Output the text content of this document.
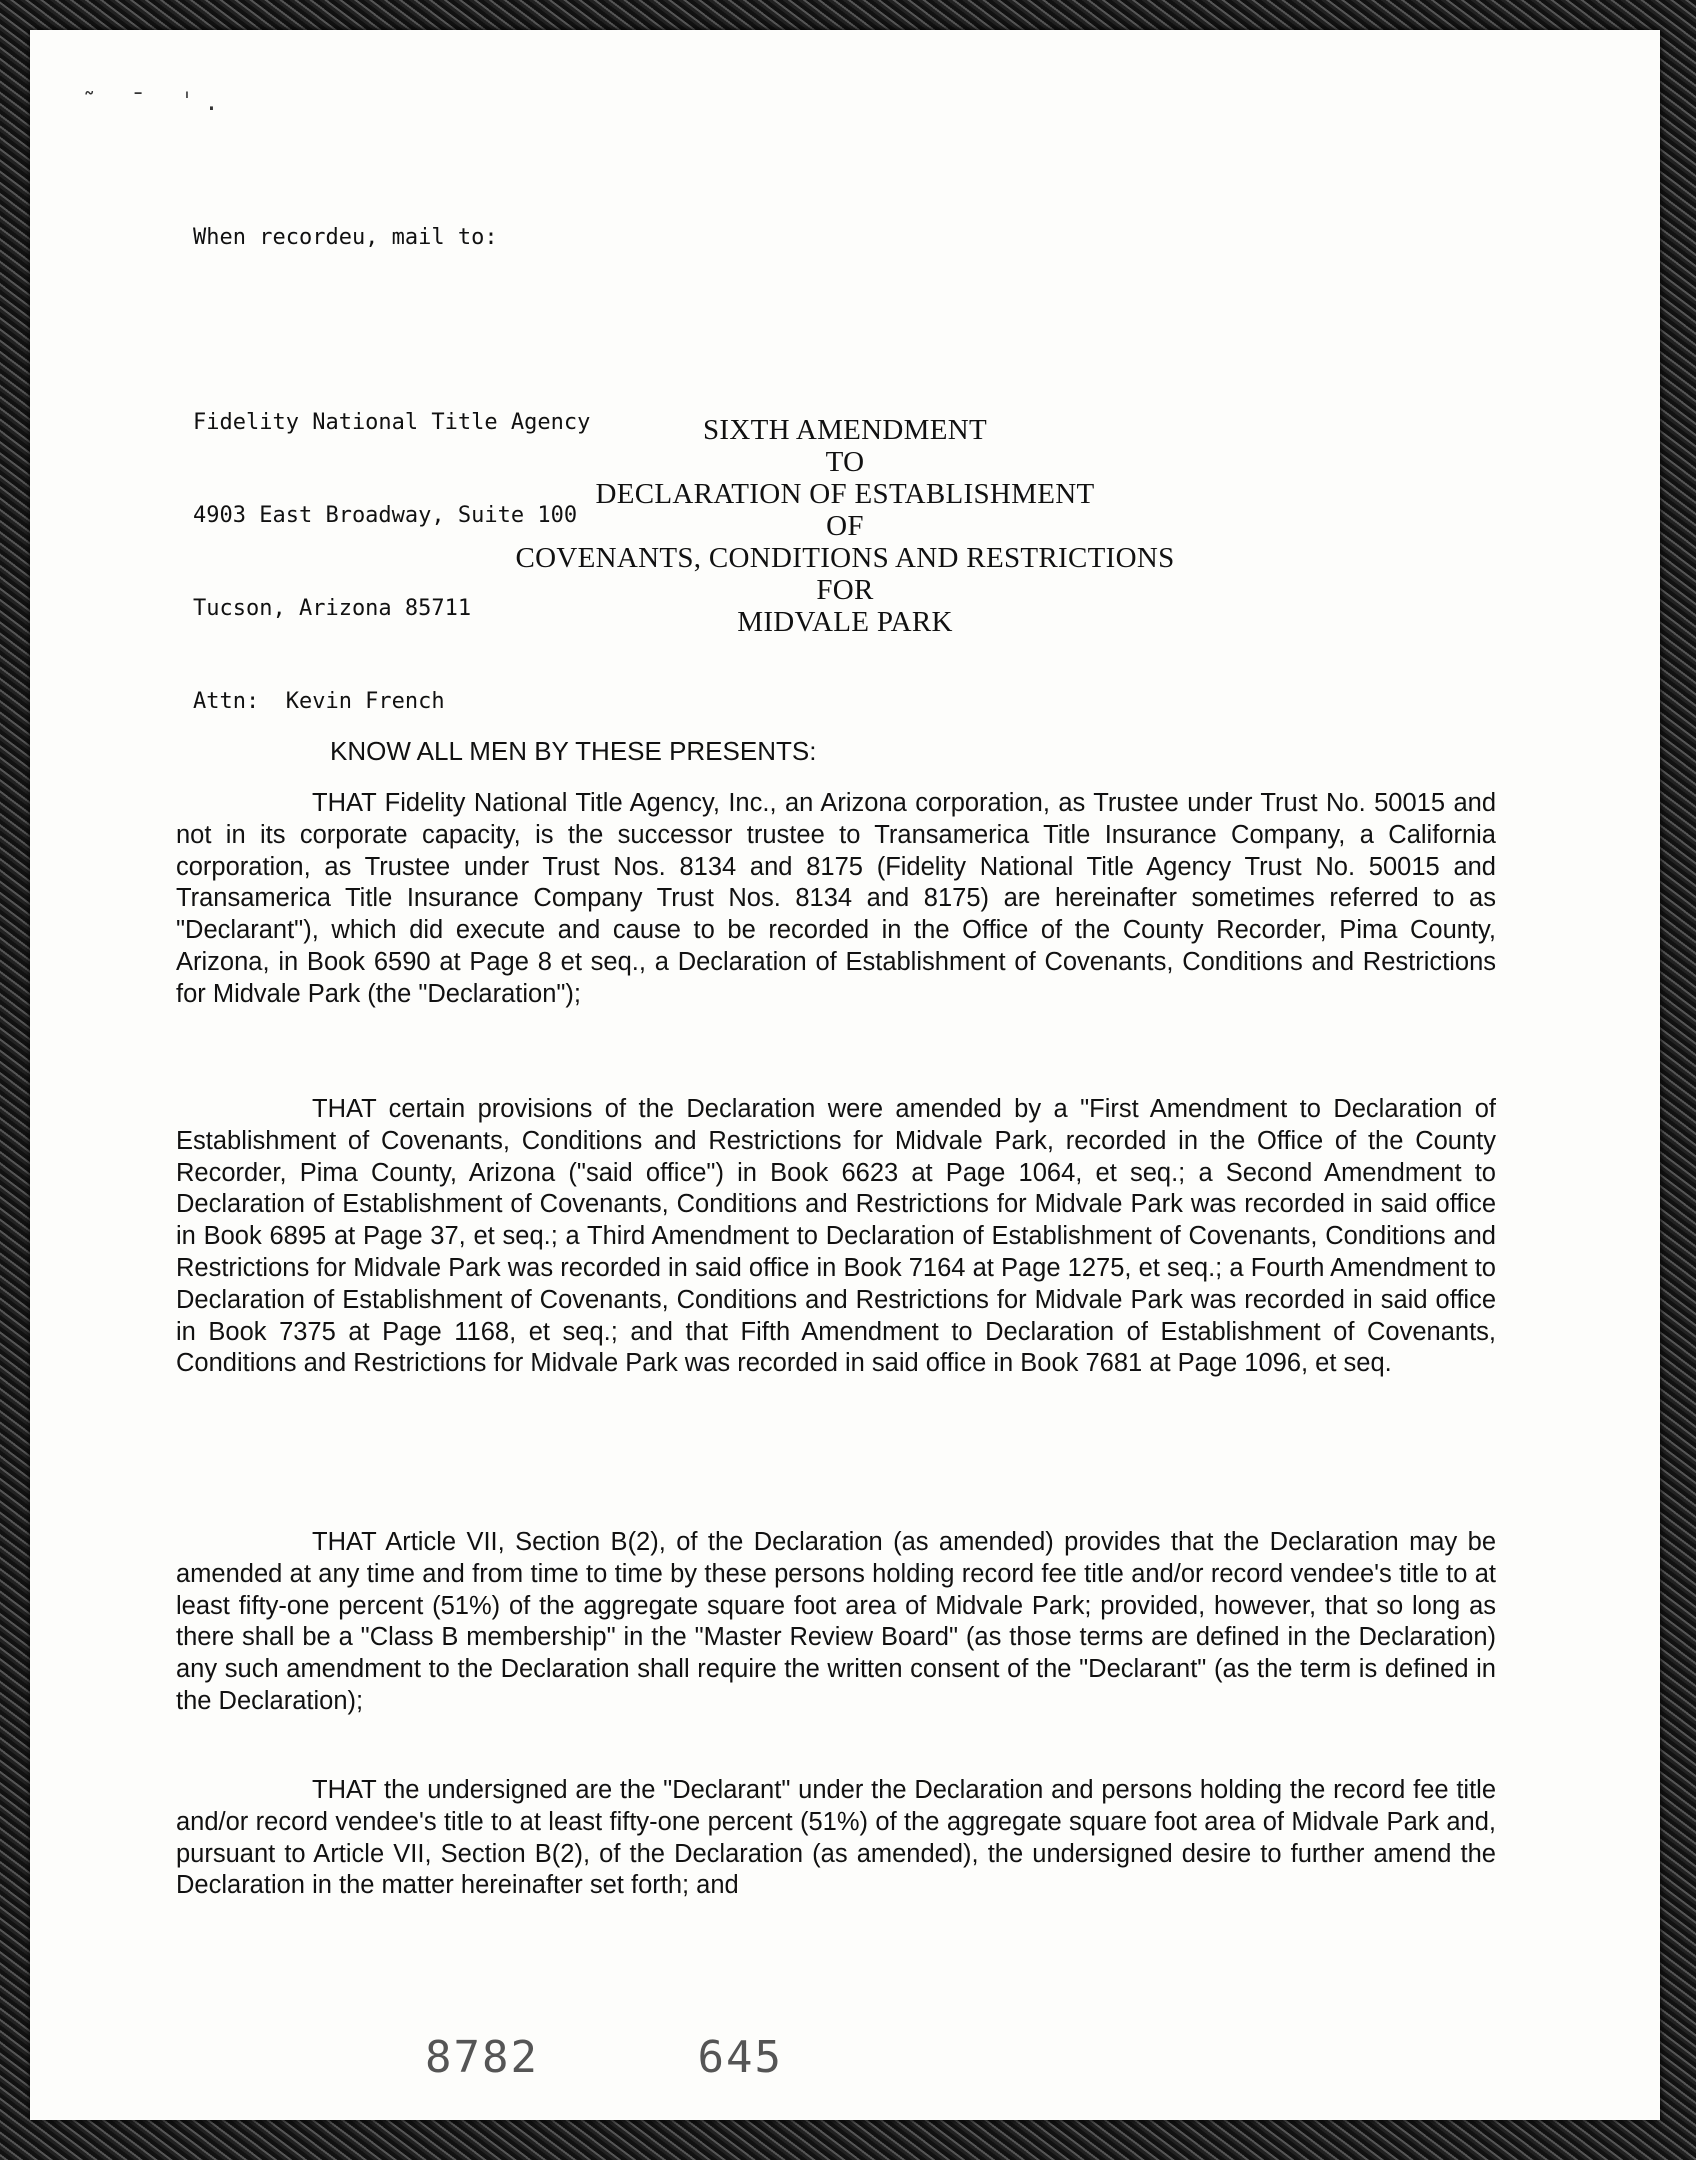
˜ ˉ ˈ.

When recordeu, mail to:

Fidelity National Title Agency

4903 East Broadway, Suite 100

Tucson, Arizona 85711

Attn:  Kevin French

SIXTH AMENDMENT
TO
DECLARATION OF ESTABLISHMENT
OF
COVENANTS, CONDITIONS AND RESTRICTIONS
FOR
MIDVALE PARK
KNOW ALL MEN BY THESE PRESENTS:

THAT Fidelity National Title Agency, Inc., an Arizona corporation, as Trustee under Trust No. 50015 and not in its corporate capacity, is the successor trustee to Transamerica Title Insurance Company, a California corporation, as Trustee under Trust Nos. 8134 and 8175 (Fidelity National Title Agency Trust No. 50015 and Transamerica Title Insurance Company Trust Nos. 8134 and 8175) are hereinafter sometimes referred to as "Declarant"), which did execute and cause to be recorded in the Office of the County Recorder, Pima County, Arizona, in Book 6590 at Page 8 et seq., a Declaration of Establishment of Covenants, Conditions and Restrictions for Midvale Park (the "Declaration");

THAT certain provisions of the Declaration were amended by a "First Amendment to Declaration of Establishment of Covenants, Conditions and Restrictions for Midvale Park, recorded in the Office of the County Recorder, Pima County, Arizona ("said office") in Book 6623 at Page 1064, et seq.; a Second Amendment to Declaration of Establishment of Covenants, Conditions and Restrictions for Midvale Park was recorded in said office in Book 6895 at Page 37, et seq.; a Third Amendment to Declaration of Establishment of Covenants, Conditions and Restrictions for Midvale Park was recorded in said office in Book 7164 at Page 1275, et seq.; a Fourth Amendment to Declaration of Establishment of Covenants, Conditions and Restrictions for Midvale Park was recorded in said office in Book 7375 at Page 1168, et seq.; and that Fifth Amendment to Declaration of Establishment of Covenants, Conditions and Restrictions for Midvale Park was recorded in said office in Book 7681 at Page 1096, et seq.

THAT Article VII, Section B(2), of the Declaration (as amended) provides that the Declaration may be amended at any time and from time to time by these persons holding record fee title and/or record vendee's title to at least fifty-one percent (51%) of the aggregate square foot area of Midvale Park; provided, however, that so long as there shall be a "Class B membership" in the "Master Review Board" (as those terms are defined in the Declaration) any such amendment to the Declaration shall require the written consent of the "Declarant" (as the term is defined in the Declaration);

THAT the undersigned are the "Declarant" under the Declaration and persons holding the record fee title and/or record vendee's title to at least fifty-one percent (51%) of the aggregate square foot area of Midvale Park and, pursuant to Article VII, Section B(2), of the Declaration (as amended), the undersigned desire to further amend the Declaration in the matter hereinafter set forth; and

8782	645
